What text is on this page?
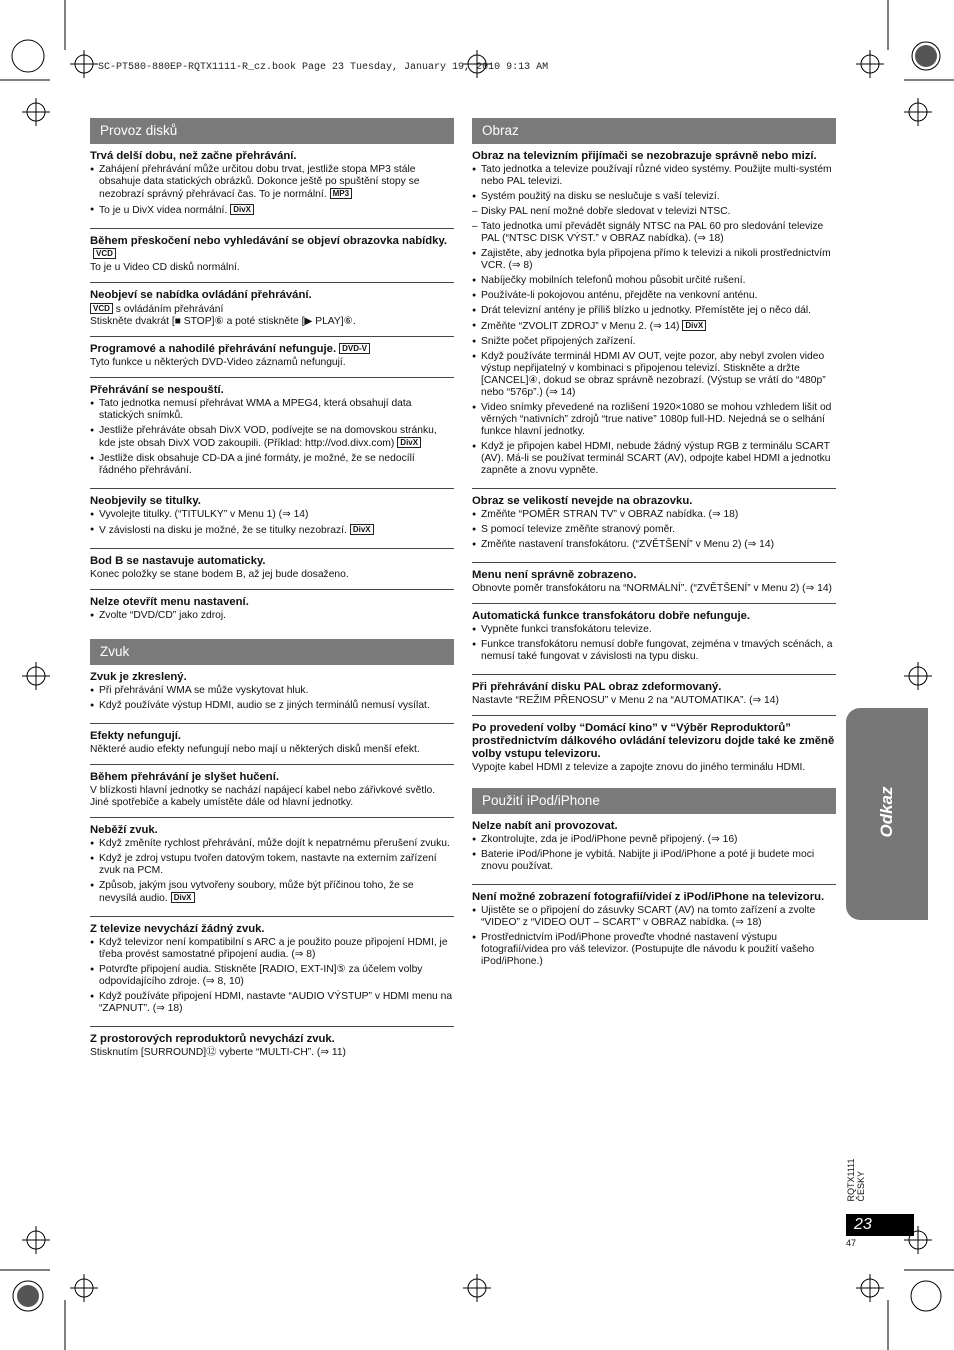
SC-PT580-880EP-RQTX1111-R_cz.book Page 23 Tuesday, January 19, 2010 9:13 AM
Provoz disků
Trvá delší dobu, než začne přehrávání.
● Zahájení přehrávání může určitou dobu trvat, jestliže stopa MP3 stále obsahuje data statických obrázků. Dokonce ještě po spuštění stopy se nezobrazí správný přehrávací čas. To je normální. MP3
● To je u DivX videa normální. DivX
Během přeskočení nebo vyhledávání se objeví obrazovka nabídky.VCD
To je u Video CD disků normální.
Neobjeví se nabídka ovládání přehrávání.
VCD s ovládáním přehrávání
Stiskněte dvakrát [■ STOP]⑥ a poté stiskněte [▶ PLAY]⑥.
Programové a nahodilé přehrávání nefunguje. DVD-V
Tyto funkce u některých DVD-Video záznamů nefungují.
Přehrávání se nespouští.
● Tato jednotka nemusí přehrávat WMA a MPEG4, která obsahují data statických snímků.
● Jestliže přehráváte obsah DivX VOD, podívejte se na domovskou stránku, kde jste obsah DivX VOD zakoupili. (Příklad: http://vod.divx.com) DivX
● Jestliže disk obsahuje CD-DA a jiné formáty, je možné, že se nedocílí řádného přehrávání.
Neobjevily se titulky.
● Vyvolejte titulky. (“TITULKY” v Menu 1) (⇒ 14)
● V závislosti na disku je možné, že se titulky nezobrazí. DivX
Bod B se nastavuje automaticky.
Konec položky se stane bodem B, až jej bude dosaženo.
Nelze otevřít menu nastavení.
● Zvolte “DVD/CD” jako zdroj.
Zvuk
Zvuk je zkreslený.
● Při přehrávání WMA se může vyskytovat hluk.
● Když používáte výstup HDMI, audio se z jiných terminálů nemusí vysílat.
Efekty nefungují.
Některé audio efekty nefungují nebo mají u některých disků menší efekt.
Během přehrávání je slyšet hučení.
V blízkosti hlavní jednotky se nachází napájecí kabel nebo zářivkové světlo. Jiné spotřebiče a kabely umístěte dále od hlavní jednotky.
Neběží zvuk.
● Když změníte rychlost přehrávání, může dojít k nepatrnému přerušení zvuku.
● Když je zdroj vstupu tvořen datovým tokem, nastavte na externím zařízení zvuk na PCM.
● Způsob, jakým jsou vytvořeny soubory, může být příčinou toho, že se nevysílá audio. DivX
Z televize nevychází žádný zvuk.
● Když televizor není kompatibilní s ARC a je použito pouze připojení HDMI, je třeba provést samostatné připojení audia. (⇒ 8)
● Potvrďte připojení audia. Stiskněte [RADIO, EXT-IN]⑤ za účelem volby odpovídajícího zdroje. (⇒ 8, 10)
● Když používáte připojení HDMI, nastavte “AUDIO VÝSTUP” v HDMI menu na “ZAPNUT”. (⇒ 18)
Z prostorových reproduktorů nevychází zvuk.
Stisknutím [SURROUND]⑫ vyberte “MULTI-CH”. (⇒ 11)
Obraz
Obraz na televizním přijímači se nezobrazuje správně nebo mizí.
● Tato jednotka a televize používají různé video systémy. Použijte multi-systém nebo PAL televizi.
● Systém použitý na disku se neslučuje s vaší televizí.
– Disky PAL není možné dobře sledovat v televizi NTSC.
– Tato jednotka umí převádět signály NTSC na PAL 60 pro sledování televize PAL (“NTSC DISK VÝST.” v OBRAZ nabídka). (⇒ 18)
● Zajistěte, aby jednotka byla připojena přímo k televizi a nikoli prostřednictvím VCR. (⇒ 8)
● Nabíječky mobilních telefonů mohou působit určité rušení.
● Používáte-li pokojovou anténu, přejděte na venkovní anténu.
● Drát televizní antény je příliš blízko u jednotky. Přemístěte jej o něco dál.
● Změňte “ZVOLIT ZDROJ” v Menu 2. (⇒ 14) DivX
● Snižte počet připojených zařízení.
● Když používáte terminál HDMI AV OUT, vejte pozor, aby nebyl zvolen video výstup nepřijatelný v kombinaci s připojenou televizí. Stiskněte a držte [CANCEL]④, dokud se obraz správně nezobrazí. (Výstup se vrátí do “480p” nebo “576p”.) (⇒ 14)
● Video snímky převedené na rozlišení 1920×1080 se mohou vzhledem lišit od věrných “nativních” zdrojů “true native” 1080p full-HD. Nejedná se o selhání funkce hlavní jednotky.
● Když je připojen kabel HDMI, nebude žádný výstup RGB z terminálu SCART (AV). Má-li se používat terminál SCART (AV), odpojte kabel HDMI a jednotku zapněte a znovu vypněte.
Obraz se velikostí nevejde na obrazovku.
● Změňte “POMĚR STRAN TV” v OBRAZ nabídka. (⇒ 18)
● S pomocí televize změňte stranový poměr.
● Změňte nastavení transfokátoru. (“ZVĚTŠENÍ” v Menu 2) (⇒ 14)
Menu není správně zobrazeno.
Obnovte poměr transfokátoru na “NORMÁLNÍ”. (“ZVĚTŠENÍ” v Menu 2) (⇒ 14)
Automatická funkce transfokátoru dobře nefunguje.
● Vypněte funkci transfokátoru televize.
● Funkce transfokátoru nemusí dobře fungovat, zejména v tmavých scénách, a nemusí také fungovat v závislosti na typu disku.
Při přehrávání disku PAL obraz zdeformovaný.
Nastavte “REŽIM PŘENOSU” v Menu 2 na “AUTOMATIKA”. (⇒ 14)
Po provedení volby “Domácí kino” v “Výběr Reproduktorů” prostřednictvím dálkového ovládání televizoru dojde také ke změně volby vstupu televizoru.
Vypojte kabel HDMI z televize a zapojte znovu do jiného terminálu HDMI.
Použití iPod/iPhone
Nelze nabít ani provozovat.
● Zkontrolujte, zda je iPod/iPhone pevně připojený. (⇒ 16)
● Baterie iPod/iPhone je vybitá. Nabijte ji iPod/iPhone a poté ji budete moci znovu používat.
Není možné zobrazení fotografií/videí z iPod/iPhone na televizoru.
● Ujistěte se o připojení do zásuvky SCART (AV) na tomto zařízení a zvolte “VIDEO” z “VIDEO OUT – SCART” v OBRAZ nabídka. (⇒ 18)
● Prostřednictvím iPod/iPhone proveďte vhodné nastavení výstupu fotografií/videa pro váš televizor. (Postupujte dle návodu k použití vašeho iPod/iPhone.)
Odkaz
RQTX1111 ČESKY
23
47
